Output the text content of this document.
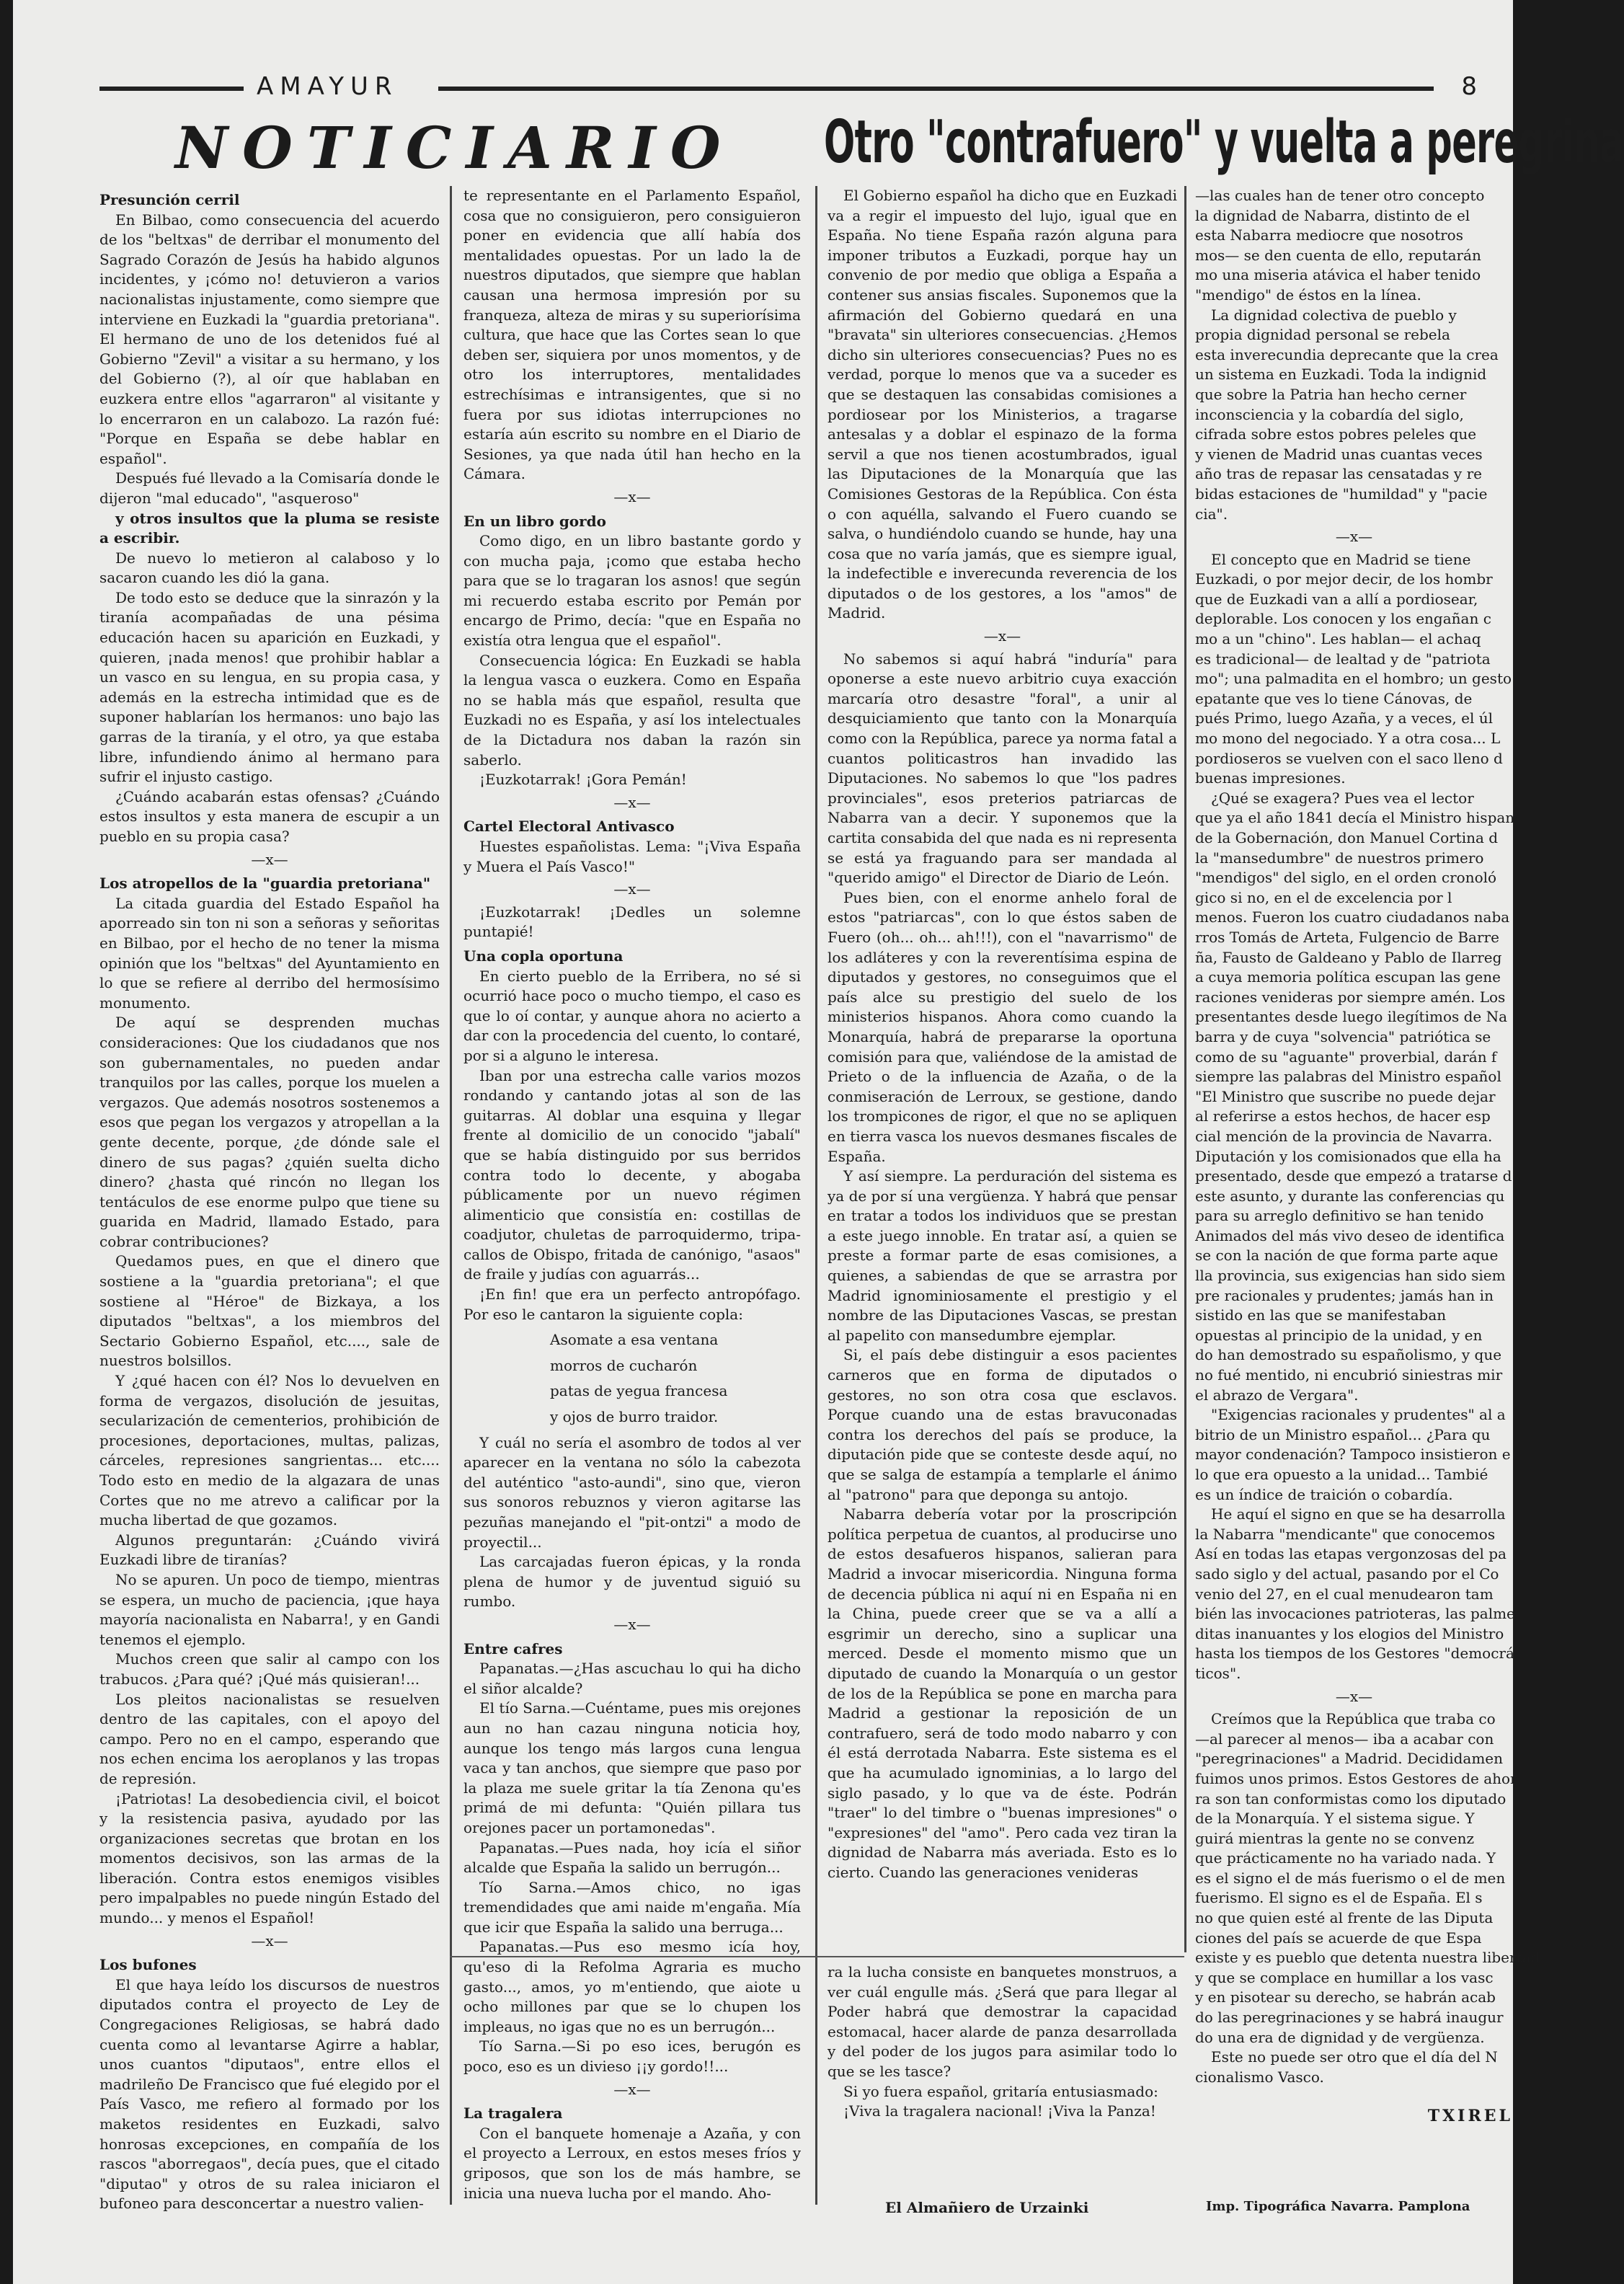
AMAYUR	8
NOTICIARIO Otro "contrafuero" y vuelta a peregrina

Presunción cerril

En Bilbao, como consecuencia del acuerdo de los "beltxas" de derribar el monumento del Sagrado Corazón de Jesús ha habido algunos incidentes, y ¡cómo no! detuvieron a varios nacionalistas injustamente, como siempre que interviene en Euzkadi la "guardia pretoriana". El hermano de uno de los detenidos fué al Gobierno "Zevil" a visitar a su hermano, y los del Gobierno (?), al oír que hablaban en euzkera entre ellos "agarraron" al visitante y lo encerraron en un calabozo. La razón fué: "Porque en España se debe hablar en español".

Después fué llevado a la Comisaría donde le dijeron "mal educado", "asqueroso"

y otros insultos que la pluma se resiste a escribir.

De nuevo lo metieron al calaboso y lo sacaron cuando les dió la gana.

De todo esto se deduce que la sinrazón y la tiranía acompañadas de una pésima educación hacen su aparición en Euzkadi, y quieren, ¡nada menos! que prohibir hablar a un vasco en su lengua, en su propia casa, y además en la estrecha intimidad que es de suponer hablarían los hermanos: uno bajo las garras de la tiranía, y el otro, ya que estaba libre, infundiendo ánimo al hermano para sufrir el injusto castigo.

¿Cuándo acabarán estas ofensas? ¿Cuándo estos insultos y esta manera de escupir a un pueblo en su propia casa?

—x—

Los atropellos de la "guardia pretoriana"

La citada guardia del Estado Español ha aporreado sin ton ni son a señoras y señoritas en Bilbao, por el hecho de no tener la misma opinión que los "beltxas" del Ayuntamiento en lo que se refiere al derribo del hermosísimo monumento.

De aquí se desprenden muchas consideraciones: Que los ciudadanos que nos son gubernamentales, no pueden andar tranquilos por las calles, porque los muelen a vergazos. Que además nosotros sostenemos a esos que pegan los vergazos y atropellan a la gente decente, porque, ¿de dónde sale el dinero de sus pagas? ¿quién suelta dicho dinero? ¿hasta qué rincón no llegan los tentáculos de ese enorme pulpo que tiene su guarida en Madrid, llamado Estado, para cobrar contribuciones?

Quedamos pues, en que el dinero que sostiene a la "guardia pretoriana"; el que sostiene al "Héroe" de Bizkaya, a los diputados "beltxas", a los miembros del Sectario Gobierno Español, etc...., sale de nuestros bolsillos.

Y ¿qué hacen con él? Nos lo devuelven en forma de vergazos, disolución de jesuitas, secularización de cementerios, prohibición de procesiones, deportaciones, multas, palizas, cárceles, represiones sangrientas... etc.... Todo esto en medio de la algazara de unas Cortes que no me atrevo a calificar por la mucha libertad de que gozamos.

Algunos preguntarán: ¿Cuándo vivirá Euzkadi libre de tiranías?

No se apuren. Un poco de tiempo, mientras se espera, un mucho de paciencia, ¡que haya mayoría nacionalista en Nabarra!, y en Gandi tenemos el ejemplo.

Muchos creen que salir al campo con los trabucos. ¿Para qué? ¡Qué más quisieran!...

Los pleitos nacionalistas se resuelven dentro de las capitales, con el apoyo del campo. Pero no en el campo, esperando que nos echen encima los aeroplanos y las tropas de represión.

¡Patriotas! La desobediencia civil, el boicot y la resistencia pasiva, ayudado por las organizaciones secretas que brotan en los momentos decisivos, son las armas de la liberación. Contra estos enemigos visibles pero impalpables no puede ningún Estado del mundo... y menos el Español!

—x—

Los bufones

El que haya leído los discursos de nuestros diputados contra el proyecto de Ley de Congregaciones Religiosas, se habrá dado cuenta como al levantarse Agirre a hablar, unos cuantos "diputaos", entre ellos el madrileño De Francisco que fué elegido por el País Vasco, me refiero al formado por los maketos residentes en Euzkadi, salvo honrosas excepciones, en compañía de los rascos "aborregaos", decía pues, que el citado "diputao" y otros de su ralea iniciaron el bufoneo para desconcertar a nuestro valien-

te representante en el Parlamento Español, cosa que no consiguieron, pero consiguieron poner en evidencia que allí había dos mentalidades opuestas. Por un lado la de nuestros diputados, que siempre que hablan causan una hermosa impresión por su franqueza, alteza de miras y su superiorísima cultura, que hace que las Cortes sean lo que deben ser, siquiera por unos momentos, y de otro los interruptores, mentalidades estrechísimas e intransigentes, que si no fuera por sus idiotas interrupciones no estaría aún escrito su nombre en el Diario de Sesiones, ya que nada útil han hecho en la Cámara.

—x—

En un libro gordo

Como digo, en un libro bastante gordo y con mucha paja, ¡como que estaba hecho para que se lo tragaran los asnos! que según mi recuerdo estaba escrito por Pemán por encargo de Primo, decía: "que en España no existía otra lengua que el español".

Consecuencia lógica: En Euzkadi se habla la lengua vasca o euzkera. Como en España no se habla más que español, resulta que Euzkadi no es España, y así los intelectuales de la Dictadura nos daban la razón sin saberlo.

¡Euzkotarrak! ¡Gora Pemán!

—x—

Cartel Electoral Antivasco

Huestes españolistas. Lema: "¡Viva España y Muera el País Vasco!"

—x—

¡Euzkotarrak! ¡Dedles un solemne puntapié!

Una copla oportuna

En cierto pueblo de la Erribera, no sé si ocurrió hace poco o mucho tiempo, el caso es que lo oí contar, y aunque ahora no acierto a dar con la procedencia del cuento, lo contaré, por si a alguno le interesa.

Iban por una estrecha calle varios mozos rondando y cantando jotas al son de las guitarras. Al doblar una esquina y llegar frente al domicilio de un conocido "jabalí" que se había distinguido por sus berridos contra todo lo decente, y abogaba públicamente por un nuevo régimen alimenticio que consistía en: costillas de coadjutor, chuletas de parroquidermo, tripa-callos de Obispo, fritada de canónigo, "asaos" de fraile y judías con aguarrás...

¡En fin! que era un perfecto antropófago. Por eso le cantaron la siguiente copla:

Asomate a esa ventana

morros de cucharón

patas de yegua francesa

y ojos de burro traidor.

Y cuál no sería el asombro de todos al ver aparecer en la ventana no sólo la cabezota del auténtico "asto-aundi", sino que, vieron sus sonoros rebuznos y vieron agitarse las pezuñas manejando el "pit-ontzi" a modo de proyectil...

Las carcajadas fueron épicas, y la ronda plena de humor y de juventud siguió su rumbo.

—x—

Entre cafres

Papanatas.—¿Has ascuchau lo qui ha dicho el siñor alcalde?

El tío Sarna.—Cuéntame, pues mis orejones aun no han cazau ninguna noticia hoy, aunque los tengo más largos cuna lengua vaca y tan anchos, que siempre que paso por la plaza me suele gritar la tía Zenona qu'es primá de mi defunta: "Quién pillara tus orejones pacer un portamonedas".

Papanatas.—Pues nada, hoy icía el siñor alcalde que España la salido un berrugón...

Tío Sarna.—Amos chico, no igas tremendidades que ami naide m'engaña. Mía que icir que España la salido una berruga...

Papanatas.—Pus eso mesmo icía hoy, qu'eso di la Refolma Agraria es mucho gasto..., amos, yo m'entiendo, que aiote u ocho millones par que se lo chupen los impleaus, no igas que no es un berrugón...

Tío Sarna.—Si po eso ices, berugón es poco, eso es un divieso ¡¡y gordo!!...

—x—

La tragalera

Con el banquete homenaje a Azaña, y con el proyecto a Lerroux, en estos meses fríos y griposos, que son los de más hambre, se inicia una nueva lucha por el mando. Aho-

El Gobierno español ha dicho que en Euzkadi va a regir el impuesto del lujo, igual que en España. No tiene España razón alguna para imponer tributos a Euzkadi, porque hay un convenio de por medio que obliga a España a contener sus ansias fiscales. Suponemos que la afirmación del Gobierno quedará en una "bravata" sin ulteriores consecuencias. ¿Hemos dicho sin ulteriores consecuencias? Pues no es verdad, porque lo menos que va a suceder es que se destaquen las consabidas comisiones a pordiosear por los Ministerios, a tragarse antesalas y a doblar el espinazo de la forma servil a que nos tienen acostumbrados, igual las Diputaciones de la Monarquía que las Comisiones Gestoras de la República. Con ésta o con aquélla, salvando el Fuero cuando se salva, o hundiéndolo cuando se hunde, hay una cosa que no varía jamás, que es siempre igual, la indefectible e inverecunda reverencia de los diputados o de los gestores, a los "amos" de Madrid.

—x—

No sabemos si aquí habrá "induría" para oponerse a este nuevo arbitrio cuya exacción marcaría otro desastre "foral", a unir al desquiciamiento que tanto con la Monarquía como con la República, parece ya norma fatal a cuantos politicastros han invadido las Diputaciones. No sabemos lo que "los padres provinciales", esos preterios patriarcas de Nabarra van a decir. Y suponemos que la cartita consabida del que nada es ni representa se está ya fraguando para ser mandada al "querido amigo" el Director de Diario de León.

Pues bien, con el enorme anhelo foral de estos "patriarcas", con lo que éstos saben de Fuero (oh... oh... ah!!!), con el "navarrismo" de los adláteres y con la reverentísima espina de diputados y gestores, no conseguimos que el país alce su prestigio del suelo de los ministerios hispanos. Ahora como cuando la Monarquía, habrá de prepararse la oportuna comisión para que, valiéndose de la amistad de Prieto o de la influencia de Azaña, o de la conmiseración de Lerroux, se gestione, dando los trompicones de rigor, el que no se apliquen en tierra vasca los nuevos desmanes fiscales de España.

Y así siempre. La perduración del sistema es ya de por sí una vergüenza. Y habrá que pensar en tratar a todos los individuos que se prestan a este juego innoble. En tratar así, a quien se preste a formar parte de esas comisiones, a quienes, a sabiendas de que se arrastra por Madrid ignominiosamente el prestigio y el nombre de las Diputaciones Vascas, se prestan al papelito con mansedumbre ejemplar.

Si, el país debe distinguir a esos pacientes carneros que en forma de diputados o gestores, no son otra cosa que esclavos. Porque cuando una de estas bravuconadas contra los derechos del país se produce, la diputación pide que se conteste desde aquí, no que se salga de estampía a templarle el ánimo al "patrono" para que deponga su antojo.

Nabarra debería votar por la proscripción política perpetua de cuantos, al producirse uno de estos desafueros hispanos, salieran para Madrid a invocar misericordia. Ninguna forma de decencia pública ni aquí ni en España ni en la China, puede creer que se va a allí a esgrimir un derecho, sino a suplicar una merced. Desde el momento mismo que un diputado de cuando la Monarquía o un gestor de los de la República se pone en marcha para Madrid a gestionar la reposición de un contrafuero, será de todo modo nabarro y con él está derrotada Nabarra. Este sistema es el que ha acumulado ignominias, a lo largo del siglo pasado, y lo que va de éste. Podrán "traer" lo del timbre o "buenas impresiones" o "expresiones" del "amo". Pero cada vez tiran la dignidad de Nabarra más averiada. Esto es lo cierto. Cuando las generaciones venideras

ra la lucha consiste en banquetes monstruos, a ver cuál engulle más. ¿Será que para llegar al Poder habrá que demostrar la capacidad estomacal, hacer alarde de panza desarrollada y del poder de los jugos para asimilar todo lo que se les tasce?

Si yo fuera español, gritaría entusiasmado:

¡Viva la tragalera nacional! ¡Viva la Panza!

El Almañiero de Urzainki

—las cuales han de tener otro concepto

la dignidad de Nabarra, distinto de el

esta Nabarra mediocre que nosotros

mos— se den cuenta de ello, reputarán

mo una miseria atávica el haber tenido

"mendigo" de éstos en la línea.

La dignidad colectiva de pueblo y

propia dignidad personal se rebela

esta inverecundia deprecante que la crea

un sistema en Euzkadi. Toda la indignid

que sobre la Patria han hecho cerner

inconsciencia y la cobardía del siglo,

cifrada sobre estos pobres peleles que

y vienen de Madrid unas cuantas veces

año tras de repasar las censatadas y re

bidas estaciones de "humildad" y "pacie

cia".

—x—

El concepto que en Madrid se tiene

Euzkadi, o por mejor decir, de los hombr

que de Euzkadi van a allí a pordiosear,

deplorable. Los conocen y los engañan c

mo a un "chino". Les hablan— el achaq

es tradicional— de lealtad y de "patriota

mo"; una palmadita en el hombro; un gesto

epatante que ves lo tiene Cánovas, de

pués Primo, luego Azaña, y a veces, el úl

mo mono del negociado. Y a otra cosa... L

pordioseros se vuelven con el saco lleno d

buenas impresiones.

¿Qué se exagera? Pues vea el lector

que ya el año 1841 decía el Ministro hispan

de la Gobernación, don Manuel Cortina d

la "mansedumbre" de nuestros primero

"mendigos" del siglo, en el orden cronoló

gico si no, en el de excelencia por l

menos. Fueron los cuatro ciudadanos naba

rros Tomás de Arteta, Fulgencio de Barre

ña, Fausto de Galdeano y Pablo de Ilarreg

a cuya memoria política escupan las gene

raciones venideras por siempre amén. Los

presentantes desde luego ilegítimos de Na

barra y de cuya "solvencia" patriótica se

como de su "aguante" proverbial, darán f

siempre las palabras del Ministro español

"El Ministro que suscribe no puede dejar

al referirse a estos hechos, de hacer esp

cial mención de la provincia de Navarra.

Diputación y los comisionados que ella ha

presentado, desde que empezó a tratarse d

este asunto, y durante las conferencias qu

para su arreglo definitivo se han tenido

Animados del más vivo deseo de identifica

se con la nación de que forma parte aque

lla provincia, sus exigencias han sido siem

pre racionales y prudentes; jamás han in

sistido en las que se manifestaban

opuestas al principio de la unidad, y en

do han demostrado su españolismo, y que

no fué mentido, ni encubrió siniestras mir

el abrazo de Vergara".

"Exigencias racionales y prudentes" al a

bitrio de un Ministro español... ¿Para qu

mayor condenación? Tampoco insistieron e

lo que era opuesto a la unidad... Tambié

es un índice de traición o cobardía.

He aquí el signo en que se ha desarrolla

la Nabarra "mendicante" que conocemos

Así en todas las etapas vergonzosas del pa

sado siglo y del actual, pasando por el Co

venio del 27, en el cual menudearon tam

bién las invocaciones patrioteras, las palme

ditas inanuantes y los elogios del Ministro

hasta los tiempos de los Gestores "democrá

ticos".

—x—

Creímos que la República que traba co

—al parecer al menos— iba a acabar con

"peregrinaciones" a Madrid. Decididamen

fuimos unos primos. Estos Gestores de ahor

ra son tan conformistas como los diputado

de la Monarquía. Y el sistema sigue. Y

guirá mientras la gente no se convenz

que prácticamente no ha variado nada. Y

es el signo el de más fuerismo o el de men

fuerismo. El signo es el de España. El s

no que quien esté al frente de las Diputa

ciones del país se acuerde de que Espa

existe y es pueblo que detenta nuestra libertad

y que se complace en humillar a los vasc

y en pisotear su derecho, se habrán acab

do las peregrinaciones y se habrá inaugur

do una era de dignidad y de vergüenza.

Este no puede ser otro que el día del N

cionalismo Vasco.

TXIREL
Imp. Tipográfica Navarra. Pamplona
